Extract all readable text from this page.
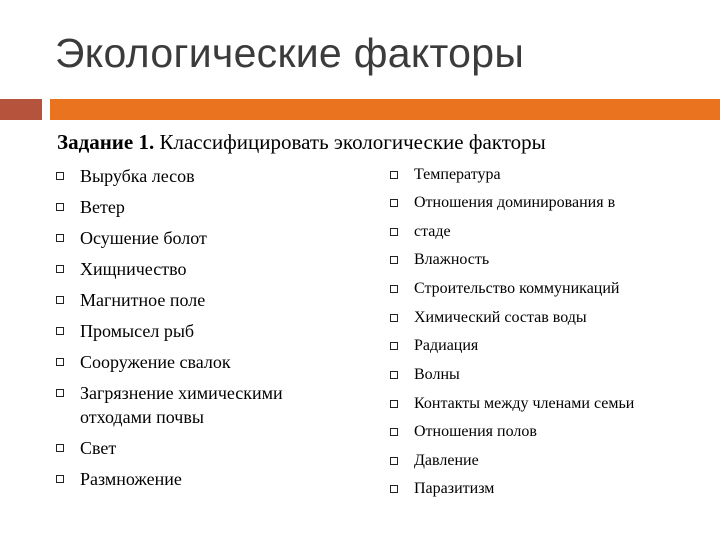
Экологические факторы
Задание 1. Классифицировать экологические факторы
Вырубка лесов
Ветер
Осушение болот
Хищничество
Магнитное поле
Промысел рыб
Сооружение свалок
Загрязнение химическими
отходами почвы
Свет
Размножение
Температура
Отношения доминирования в
стаде
Влажность
Строительство коммуникаций
Химический состав воды
Радиация
Волны
Контакты между членами семьи
Отношения полов
Давление
Паразитизм
